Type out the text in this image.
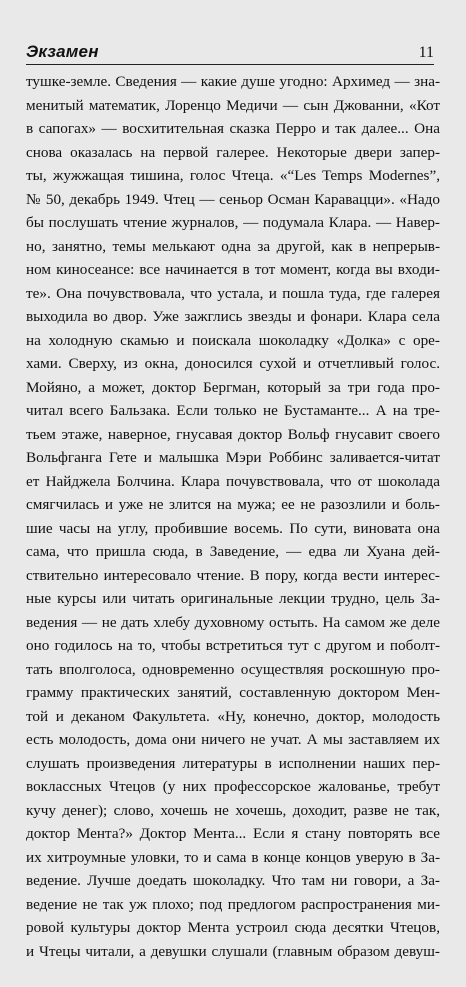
Экзамен	11
тушке-земле. Сведения — какие душе угодно: Архимед — зна-
менитый математик, Лоренцо Медичи — сын Джованни, «Кот
в сапогах» — восхитительная сказка Перро и так далее... Она
снова оказалась на первой галерее. Некоторые двери запер-
ты, жужжащая тишина, голос Чтеца. «“Les Temps Modernes”,
№ 50, декабрь 1949. Чтец — сеньор Осман Каравацци». «Надо
бы послушать чтение журналов, — подумала Клара. — Навер-
но, занятно, темы мелькают одна за другой, как в непрерыв-
ном киносеансе: все начинается в тот момент, когда вы входи-
те». Она почувствовала, что устала, и пошла туда, где галерея
выходила во двор. Уже зажглись звезды и фонари. Клара села
на холодную скамью и поискала шоколадку «Долка» с оре-
хами. Сверху, из окна, доносился сухой и отчетливый голос.
Мойяно, а может, доктор Бергман, который за три года про-
читал всего Бальзака. Если только не Бустаманте... А на тре-
тьем этаже, наверное, гнусавая доктор Вольф гнусавит своего
Вольфганга Гете и малышка Мэри Роббинс заливается-читат
ет Найджела Болчина. Клара почувствовала, что от шоколада
смягчилась и уже не злится на мужа; ее не разозлили и боль-
шие часы на углу, пробившие восемь. По сути, виновата она
сама, что пришла сюда, в Заведение, — едва ли Хуана дей-
ствительно интересовало чтение. В пору, когда вести интерес-
ные курсы или читать оригинальные лекции трудно, цель За-
ведения — не дать хлебу духовному остыть. На самом же деле
оно годилось на то, чтобы встретиться тут с другом и поболт-
тать вполголоса, одновременно осуществляя роскошную про-
грамму практических занятий, составленную доктором Мен-
той и деканом Факультета. «Ну, конечно, доктор, молодость
есть молодость, дома они ничего не учат. А мы заставляем их
слушать произведения литературы в исполнении наших пер-
воклассных Чтецов (у них профессорское жалованье, требут
кучу денег); слово, хочешь не хочешь, доходит, разве не так,
доктор Мента?» Доктор Мента... Если я стану повторять все
их хитроумные уловки, то и сама в конце концов уверую в За-
ведение. Лучше доедать шоколадку. Что там ни говори, а За-
ведение не так уж плохо; под предлогом распространения ми-
ровой культуры доктор Мента устроил сюда десятки Чтецов,
и Чтецы читали, а девушки слушали (главным образом девуш-
